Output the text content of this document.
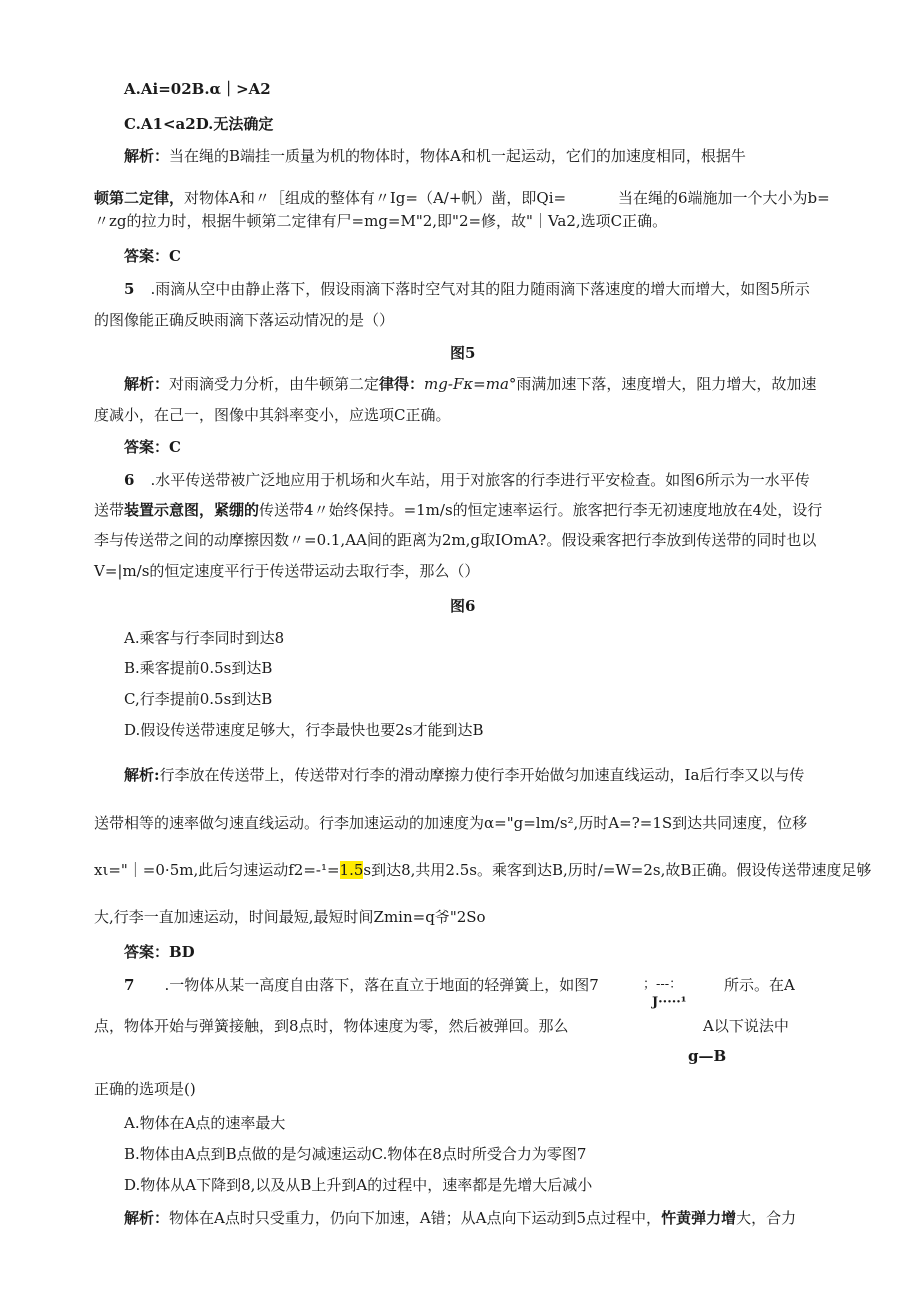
A.Ai=02B.α｜>A2
C.A1<a2D.无法确定
解析：当在绳的B端挂一质量为机的物体时，物体A和机一起运动，它们的加速度相同，根据牛
顿第二定律，对物体A和〃［组成的整体有〃Ig=（A/+帆）凿，即Qi=	当在绳的6端施加一个大小为b=
〃zg的拉力时，根据牛顿第二定律有尸=mg=M"2,即"2=修，故"｜Va2,选项C正确。
答案：C
5 .雨滴从空中由静止落下，假设雨滴下落时空气对其的阻力随雨滴下落速度的增大而增大，如图5所示
的图像能正确反映雨滴下落运动情况的是（）
图5
解析：对雨滴受力分析，由牛顿第二定律得：mg-Fκ=ma°雨满加速下落，速度增大，阻力增大，故加速
度减小，在己一，图像中其斜率变小，应选项C正确。
答案：C
6 .水平传送带被广泛地应用于机场和火车站，用于对旅客的行李进行平安检查。如图6所示为一水平传
送带装置示意图，紧绷的传送带4〃始终保持。=1m/s的恒定速率运行。旅客把行李无初速度地放在4处，设行
李与传送带之间的动摩擦因数〃=0.1,AA间的距离为2m,g取IOmA?。假设乘客把行李放到传送带的同时也以
V=|m/s的恒定速度平行于传送带运动去取行李，那么（）
图6
A.乘客与行李同时到达8
B.乘客提前0.5s到达B
C,行李提前0.5s到达B
D.假设传送带速度足够大，行李最快也要2s才能到达B
解析:行李放在传送带上，传送带对行李的滑动摩擦力使行李开始做匀加速直线运动，Ia后行李又以与传
送带相等的速率做匀速直线运动。行李加速运动的加速度为α="g=lm/s²,历时A=?=1S到达共同速度，位移
xι="｜=0·5m,此后匀速运动f2=-¹=1.5s到达8,共用2.5s。乘客到达B,历时/=W=2s,故B正确。假设传送带速度足够
大,行李一直加速运动，时间最短,最短时间Zmin=q爷"2So
答案：BD
7 .一物体从某一高度自由落下，落在直立于地面的轻弹簧上，如图7	；---：	所示。在A
J·····¹
点，物体开始与弹簧接触，到8点时，物体速度为零，然后被弹回。那么	A以下说法中
g—B
正确的选项是()
A.物体在A点的速率最大
B.物体由A点到B点做的是匀减速运动C.物体在8点时所受合力为零图7
D.物体从A下降到8,以及从B上升到A的过程中，速率都是先增大后减小
解析：物体在A点时只受重力，仍向下加速，A错；从A点向下运动到5点过程中，忤黄弹力增大，合力
